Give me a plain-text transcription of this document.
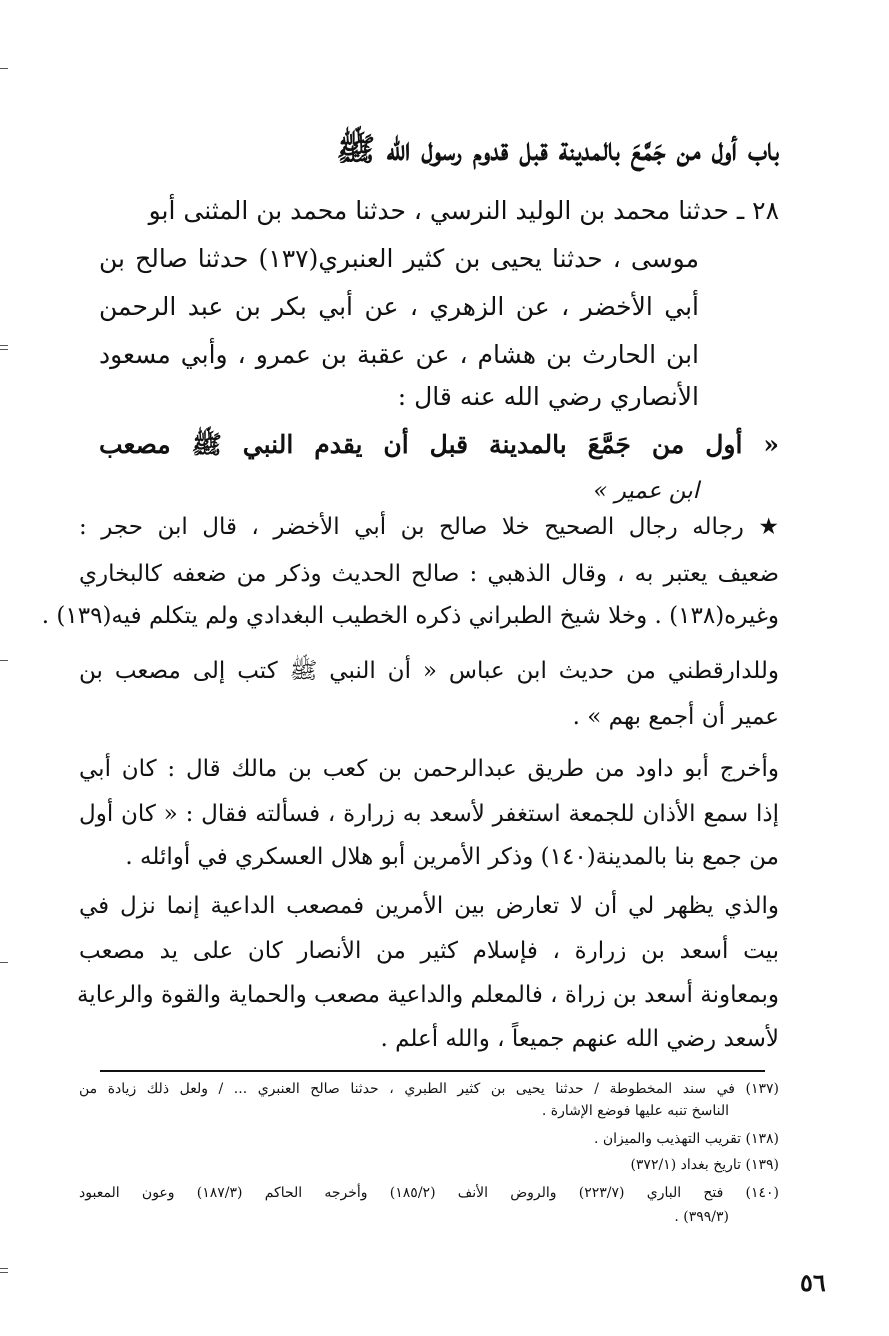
باب أول من جَمَّعَ بالمدينة قبل قدوم رسول الله ﷺ

٢٨ ـ حدثنا محمد بن الوليد النرسي ، حدثنا محمد بن المثنى أبو

موسى ، حدثنا يحيى بن كثير العنبري(١٣٧) حدثنا صالح بن

أبي الأخضر ، عن الزهري ، عن أبي بكر بن عبد الرحمن

ابن الحارث بن هشام ، عن عقبة بن عمرو ، وأبي مسعود

الأنصاري رضي الله عنه قال :

« أول من جَمَّعَ بالمدينة قبل أن يقدم النبي ﷺ مصعب

ابن عمير »

★ رجاله رجال الصحيح خلا صالح بن أبي الأخضر ، قال ابن حجر :

ضعيف يعتبر به ، وقال الذهبي : صالح الحديث وذكر من ضعفه كالبخاري

وغيره(١٣٨) . وخلا شيخ الطبراني ذكره الخطيب البغدادي ولم يتكلم فيه(١٣٩) .

وللدارقطني من حديث ابن عباس « أن النبي ﷺ كتب إلى مصعب بن

عمير أن أجمع بهم » .

وأخرج أبو داود من طريق عبدالرحمن بن كعب بن مالك قال : كان أبي

إذا سمع الأذان للجمعة استغفر لأسعد به زرارة ، فسألته فقال : « كان أول

من جمع بنا بالمدينة(١٤٠) وذكر الأمرين أبو هلال العسكري في أوائله .

والذي يظهر لي أن لا تعارض بين الأمرين فمصعب الداعية إنما نزل في

بيت أسعد بن زرارة ، فإسلام كثير من الأنصار كان على يد مصعب

وبمعاونة أسعد بن زراة ، فالمعلم والداعية مصعب والحماية والقوة والرعاية

لأسعد رضي الله عنهم جميعاً ، والله أعلم .

(١٣٧) في سند المخطوطة / حدثنا يحيى بن كثير الطبري ، حدثنا صالح العنبري ... / ولعل ذلك زيادة من

الناسخ تنبه عليها فوضع الإشارة .

(١٣٨) تقريب التهذيب والميزان .

(١٣٩) تاريخ بغداد (٣٧٢/١)

(١٤٠) فتح الباري (٢٢٣/٧) والروض الأنف (١٨٥/٢) وأخرجه الحاكم (١٨٧/٣) وعون المعبود

(٣٩٩/٣) .

٥٦
